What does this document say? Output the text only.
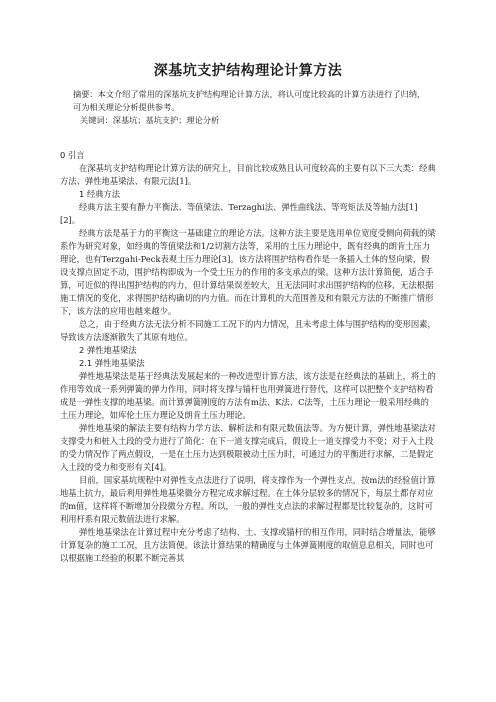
深基坑支护结构理论计算方法
摘要：本文介绍了常用的深基坑支护结构理论计算方法，将认可度比较高的计算方法进行了归纳，可为相关理论分析提供参考。
关键词：深基坑；基坑支护；理论分析

0 引言

在深基坑支护结构理论计算方法的研究上，目前比较成熟且认可度较高的主要有以下三大类：经典方法、弹性地基梁法、有限元法[1]。

1 经典方法

经典方法主要有静力平衡法、等值梁法、Terzaghi法、弹性曲线法、等弯矩法及等轴力法[1][2]。

经典方法是基于力的平衡这一基础建立的理论方法。这种方法主要是选用单位宽度受侧向荷载的梁系作为研究对象，如经典的等值梁法和1/2切割方法等，采用的土压力理论中，既有经典的朗肯土压力理论，也有Terzgahi-Peck表观土压力理论[3]。该方法将围护结构看作是一条插入土体的竖向梁，假设支撑点固定不动，围护结构即成为一个受土压力的作用的多支承点的梁。这种方法计算简便，适合手算，可近似的得出围护结构的内力，但计算结果误差较大，且无法同时求出围护结构的位移，无法根据施工情况的变化，求得围护结构确切的内力值。而在计算机的大范围普及和有限元方法的不断推广情形下，该方法的应用也越来越少。

总之，由于经典方法无法分析不同施工工况下的内力情况，且未考虑土体与围护结构的变形因素，导致该方法逐渐散失了其原有地位。

2 弹性地基梁法

2.1 弹性地基梁法

弹性地基梁法是基于经典法发展起来的一种改进型计算方法，该方法是在经典法的基础上，将土的作用等效成一系列弹簧的弹力作用，同时将支撑与锚杆也用弹簧进行替代，这样可以把整个支护结构看成是一弹性支撑的地基梁。而计算弹簧刚度的方法有m法、K法、C法等，土压力理论一般采用经典的土压力理论，如库伦土压力理论及朗肯土压力理论。

弹性地基梁的解法主要有结构力学方法、解析法和有限元数值法等。为方便计算，弹性地基梁法对支撑受力和桩入土段的受力进行了简化：在下一道支撑完成后，假设上一道支撑受力不变；对于入土段的受力情况作了两点假设，一是在土压力达到极限被动土压力时，可通过力的平衡进行求解，二是假定入土段的受力和变形有关[4]。

目前，国家基坑规程中对弹性支点法进行了说明，将支撑作为一个弹性支点，按m法的经验值计算地基土抗力，最后利用弹性地基梁微分方程完成求解过程。在土体分层较多的情况下，每层土都存对应的m值，这样将不断增加分段微分方程。所以，一般的弹性支点法的求解过程都是比较复杂的，这时可利用杆系有限元数值法进行求解。

弹性地基梁法在计算过程中充分考虑了结构、土、支撑或锚杆的相互作用，同时结合增量法，能够计算复杂的施工工况，且方法简便。该法计算结果的精确度与土体弹簧刚度的取值息息相关，同时也可以根据施工经验的积累不断完善其
